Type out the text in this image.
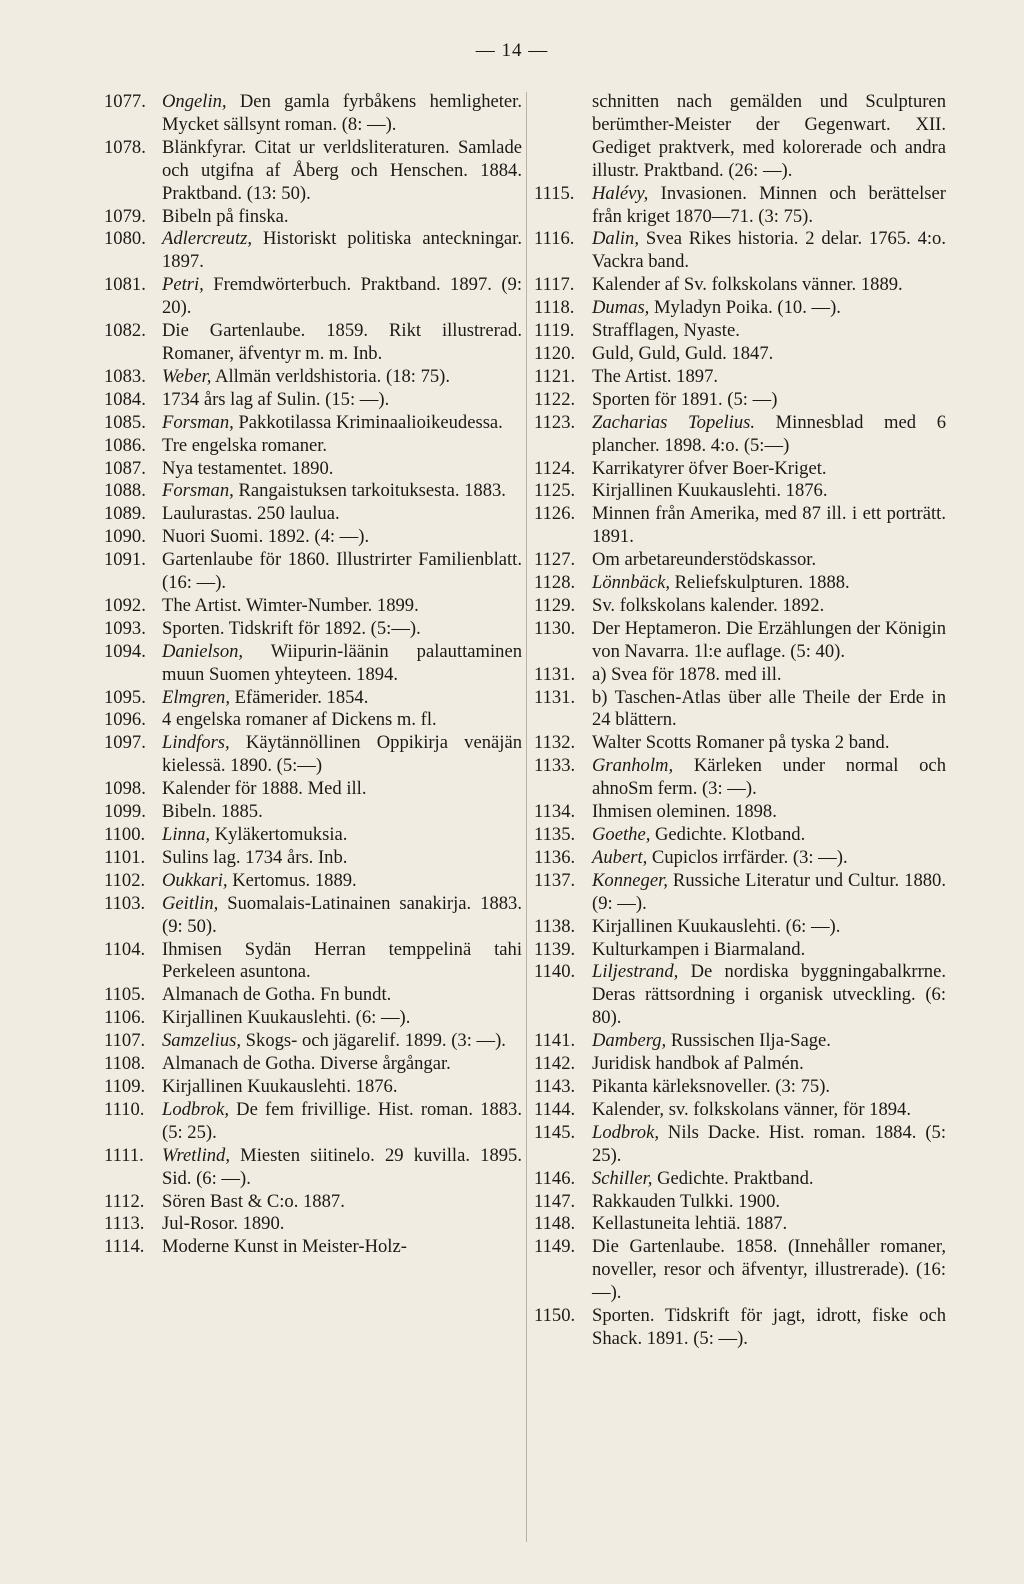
— 14 —
1077. Ongelin, Den gamla fyrbåkens hemligheter. Mycket sällsynt roman. (8: —).
1078. Blänkfyrar. Citat ur verldsliteraturen. Samlade och utgifna af Åberg och Henschen. 1884. Praktband. (13: 50).
1079. Bibeln på finska.
1080. Adlercreutz, Historiskt politiska anteckningar. 1897.
1081. Petri, Fremdwörterbuch. Praktband. 1897. (9: 20).
1082. Die Gartenlaube. 1859. Rikt illustrerad. Romaner, äfventyr m. m. Inb.
1083. Weber, Allmän verldshistoria. (18: 75).
1084. 1734 års lag af Sulin. (15: —).
1085. Forsman, Pakkotilassa Kriminaalioikeudessa.
1086. Tre engelska romaner.
1087. Nya testamentet. 1890.
1088. Forsman, Rangaistuksen tarkoituksesta. 1883.
1089. Laulurastas. 250 laulua.
1090. Nuori Suomi. 1892. (4: —).
1091. Gartenlaube för 1860. Illustrirter Familienblatt. (16: —).
1092. The Artist. Wimter-Number. 1899.
1093. Sporten. Tidskrift för 1892. (5:—).
1094. Danielson, Wiipurin-läänin palauttaminen muun Suomen yhteyteen. 1894.
1095. Elmgren, Efämerider. 1854.
1096. 4 engelska romaner af Dickens m. fl.
1097. Lindfors, Käytännöllinen Oppikirja venäjän kielessä. 1890. (5:—)
1098. Kalender för 1888. Med ill.
1099. Bibeln. 1885.
1100. Linna, Kyläkertomuksia.
1101. Sulins lag. 1734 års. Inb.
1102. Oukkari, Kertomus. 1889.
1103. Geitlin, Suomalais-Latinainen sanakirja. 1883. (9: 50).
1104. Ihmisen Sydän Herran temppelinä tahi Perkeleen asuntona.
1105. Almanach de Gotha. Fn bundt.
1106. Kirjallinen Kuukauslehti. (6: —).
1107. Samzelius, Skogs- och jägarelif. 1899. (3: —).
1108. Almanach de Gotha. Diverse årgångar.
1109. Kirjallinen Kuukauslehti. 1876.
1110. Lodbrok, De fem frivillige. Hist. roman. 1883. (5: 25).
1111. Wretlind, Miesten siitinelo. 29 kuvilla. 1895. Sid. (6: —).
1112. Sören Bast & C:o. 1887.
1113. Jul-Rosor. 1890.
1114. Moderne Kunst in Meister-Holz-
schnitten nach gemälden und Sculpturen berümther-Meister der Gegenwart. XII. Gediget praktverk, med kolorerade och andra illustr. Praktband. (26: —).
1115. Halévy, Invasionen. Minnen och berättelser från kriget 1870—71. (3: 75).
1116. Dalin, Svea Rikes historia. 2 delar. 1765. 4:o. Vackra band.
1117. Kalender af Sv. folkskolans vänner. 1889.
1118. Dumas, Myladyn Poika. (10. —).
1119. Strafflagen, Nyaste.
1120. Guld, Guld, Guld. 1847.
1121. The Artist. 1897.
1122. Sporten för 1891. (5: —)
1123. Zacharias Topelius. Minnesblad med 6 plancher. 1898. 4:o. (5:—)
1124. Karrikatyrer öfver Boer-Kriget.
1125. Kirjallinen Kuukauslehti. 1876.
1126. Minnen från Amerika, med 87 ill. i ett porträtt. 1891.
1127. Om arbetareunderstödskassor.
1128. Lönnbäck, Reliefskulpturen. 1888.
1129. Sv. folkskolans kalender. 1892.
1130. Der Heptameron. Die Erzählungen der Königin von Navarra. 1l:e auflage. (5: 40).
1131. a) Svea för 1878. med ill.
1131. b) Taschen-Atlas über alle Theile der Erde in 24 blättern.
1132. Walter Scotts Romaner på tyska 2 band.
1133. Granholm, Kärleken under normal och ahnoSm ferm. (3: —).
1134. Ihmisen oleminen. 1898.
1135. Goethe, Gedichte. Klotband.
1136. Aubert, Cupiclos irrfärder. (3: —).
1137. Konneger, Russiche Literatur und Cultur. 1880. (9: —).
1138. Kirjallinen Kuukauslehti. (6: —).
1139. Kulturkampen i Biarmaland.
1140. Liljestrand, De nordiska byggningabalkrrne. Deras rättsordning i organisk utveckling. (6: 80).
1141. Damberg, Russischen Ilja-Sage.
1142. Juridisk handbok af Palmén.
1143. Pikanta kärleksnoveller. (3: 75).
1144. Kalender, sv. folkskolans vänner, för 1894.
1145. Lodbrok, Nils Dacke. Hist. roman. 1884. (5: 25).
1146. Schiller, Gedichte. Praktband.
1147. Rakkauden Tulkki. 1900.
1148. Kellastuneita lehtiä. 1887.
1149. Die Gartenlaube. 1858. (Innehåller romaner, noveller, resor och äfventyr, illustrerade). (16: —).
1150. Sporten. Tidskrift för jagt, idrott, fiske och Shack. 1891. (5: —).
